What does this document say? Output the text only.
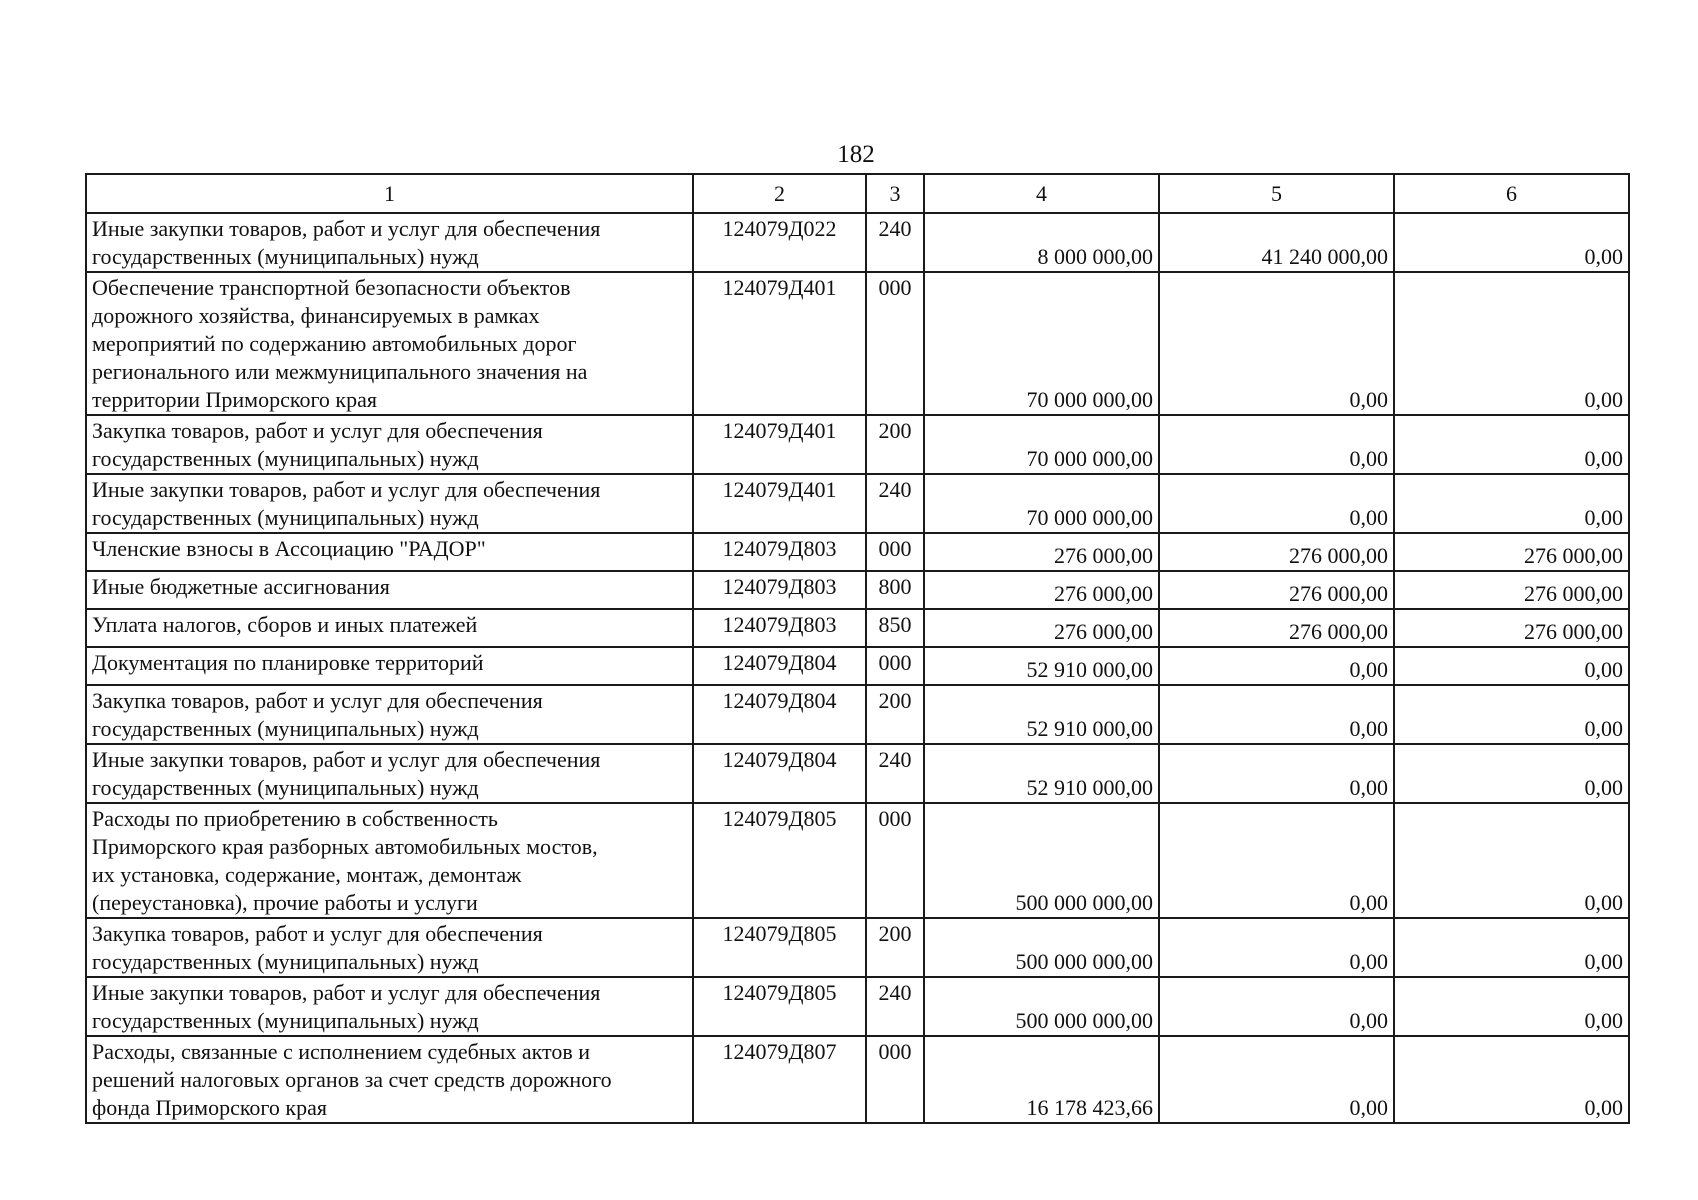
182
1	2	3	4	5	6

Иные закупки товаров, работ и услуг для обеспечения
государственных (муниципальных) нужд	124079Д022	240	8 000 000,00	41 240 000,00	0,00

Обеспечение транспортной безопасности объектов
дорожного хозяйства, финансируемых в рамках
мероприятий по содержанию автомобильных дорог
регионального или межмуниципального значения на
территории Приморского края	124079Д401	000	70 000 000,00	0,00	0,00

Закупка товаров, работ и услуг для обеспечения
государственных (муниципальных) нужд	124079Д401	200	70 000 000,00	0,00	0,00

Иные закупки товаров, работ и услуг для обеспечения
государственных (муниципальных) нужд	124079Д401	240	70 000 000,00	0,00	0,00

Членские взносы в Ассоциацию "РАДОР"	124079Д803	000	276 000,00	276 000,00	276 000,00

Иные бюджетные ассигнования	124079Д803	800	276 000,00	276 000,00	276 000,00

Уплата налогов, сборов и иных платежей	124079Д803	850	276 000,00	276 000,00	276 000,00

Документация по планировке территорий	124079Д804	000	52 910 000,00	0,00	0,00

Закупка товаров, работ и услуг для обеспечения
государственных (муниципальных) нужд	124079Д804	200	52 910 000,00	0,00	0,00

Иные закупки товаров, работ и услуг для обеспечения
государственных (муниципальных) нужд	124079Д804	240	52 910 000,00	0,00	0,00

Расходы по приобретению в собственность
Приморского края разборных автомобильных мостов,
их установка, содержание, монтаж, демонтаж
(переустановка), прочие работы и услуги	124079Д805	000	500 000 000,00	0,00	0,00

Закупка товаров, работ и услуг для обеспечения
государственных (муниципальных) нужд	124079Д805	200	500 000 000,00	0,00	0,00

Иные закупки товаров, работ и услуг для обеспечения
государственных (муниципальных) нужд	124079Д805	240	500 000 000,00	0,00	0,00

Расходы, связанные с исполнением судебных актов и
решений налоговых органов за счет средств дорожного
фонда Приморского края	124079Д807	000	16 178 423,66	0,00	0,00
